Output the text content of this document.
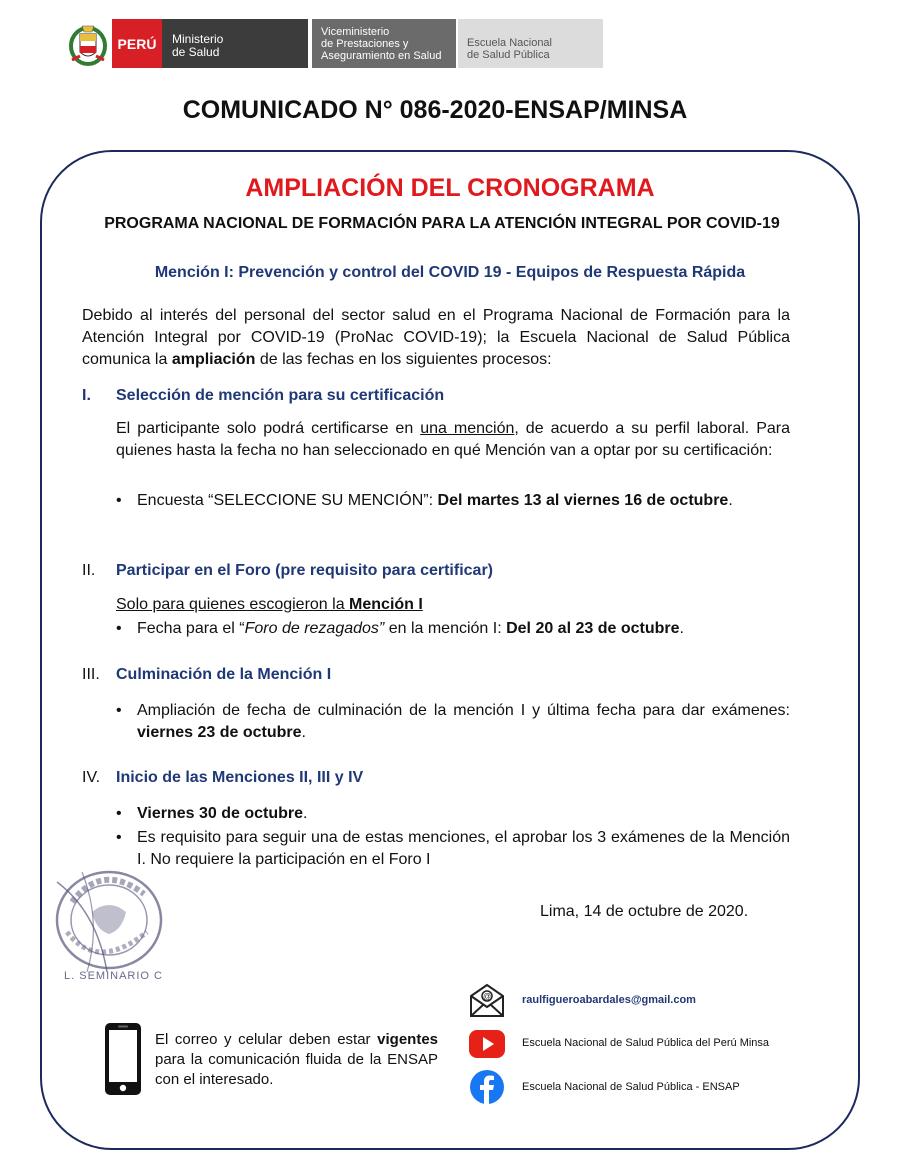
PERÚ Ministerio
de Salud
Viceministerio
de Prestaciones y
Aseguramiento en Salud
Escuela Nacional
de Salud Pública
COMUNICADO N° 086-2020-ENSAP/MINSA
AMPLIACIÓN DEL CRONOGRAMA
PROGRAMA NACIONAL DE FORMACIÓN PARA LA ATENCIÓN INTEGRAL POR COVID-19
Mención I: Prevención y control del COVID 19 - Equipos de Respuesta Rápida
Debido al interés del personal del sector salud en el Programa Nacional de Formación para la Atención Integral por COVID-19 (ProNac COVID-19); la Escuela Nacional de Salud Pública comunica la ampliación de las fechas en los siguientes procesos:
I. Selección de mención para su certificación
El participante solo podrá certificarse en una mención, de acuerdo a su perfil laboral. Para quienes hasta la fecha no han seleccionado en qué Mención van a optar por su certificación:
• Encuesta “SELECCIONE SU MENCIÓN”: Del martes 13 al viernes 16 de octubre.
II. Participar en el Foro (pre requisito para certificar)
Solo para quienes escogieron la Mención I
• Fecha para el “Foro de rezagados” en la mención I: Del 20 al 23 de octubre.
III. Culminación de la Mención I
• Ampliación de fecha de culminación de la mención I y última fecha para dar exámenes: viernes 23 de octubre.
IV. Inicio de las Menciones II, III y IV
• Viernes 30 de octubre.
• Es requisito para seguir una de estas menciones, el aprobar los 3 exámenes de la Mención I. No requiere la participación en el Foro I
Lima, 14 de octubre de 2020.
L. SEMINARIO C
El correo y celular deben estar vigentes para la comunicación fluida de la ENSAP con el interesado.
@	raulfigueroabardales@gmail.com
Escuela Nacional de Salud Pública del Perú Minsa
Escuela Nacional de Salud Pública - ENSAP
